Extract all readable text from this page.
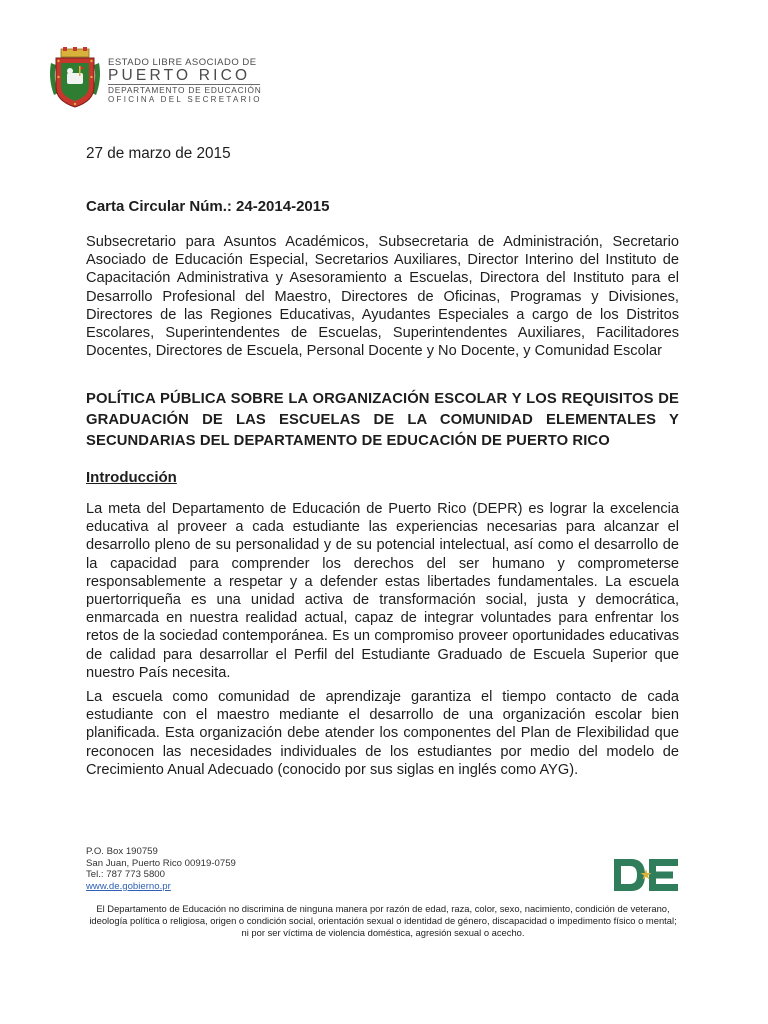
ESTADO LIBRE ASOCIADO DE
PUERTO RICO
DEPARTAMENTO DE EDUCACIÓN
OFICINA DEL SECRETARIO
27 de marzo de 2015
Carta Circular Núm.: 24-2014-2015
Subsecretario para Asuntos Académicos, Subsecretaria de Administración, Secretario Asociado de Educación Especial, Secretarios Auxiliares, Director Interino del Instituto de Capacitación Administrativa y Asesoramiento a Escuelas, Directora del Instituto para el Desarrollo Profesional del Maestro, Directores de Oficinas, Programas y Divisiones, Directores de las Regiones Educativas, Ayudantes Especiales a cargo de los Distritos Escolares, Superintendentes de Escuelas, Superintendentes Auxiliares, Facilitadores Docentes, Directores de Escuela, Personal Docente y No Docente, y Comunidad Escolar
POLÍTICA PÚBLICA SOBRE LA ORGANIZACIÓN ESCOLAR Y LOS REQUISITOS DE GRADUACIÓN DE LAS ESCUELAS DE LA COMUNIDAD ELEMENTALES Y SECUNDARIAS DEL DEPARTAMENTO DE EDUCACIÓN DE PUERTO RICO
Introducción
La meta del Departamento de Educación de Puerto Rico (DEPR) es lograr la excelencia educativa al proveer a cada estudiante las experiencias necesarias para alcanzar el desarrollo pleno de su personalidad y de su potencial intelectual, así como el desarrollo de la capacidad para comprender los derechos del ser humano y comprometerse responsablemente a respetar y a defender estas libertades fundamentales. La escuela puertorriqueña es una unidad activa de transformación social, justa y democrática, enmarcada en nuestra realidad actual, capaz de integrar voluntades para enfrentar los retos de la sociedad contemporánea. Es un compromiso proveer oportunidades educativas de calidad para desarrollar el Perfil del Estudiante Graduado de Escuela Superior que nuestro País necesita.
La escuela como comunidad de aprendizaje garantiza el tiempo contacto de cada estudiante con el maestro mediante el desarrollo de una organización escolar bien planificada. Esta organización debe atender los componentes del Plan de Flexibilidad que reconocen las necesidades individuales de los estudiantes por medio del modelo de Crecimiento Anual Adecuado (conocido por sus siglas en inglés como AYG).
P.O. Box 190759
San Juan, Puerto Rico 00919-0759
Tel.: 787 773 5800
www.de.gobierno.pr
El Departamento de Educación no discrimina de ninguna manera por razón de edad, raza, color, sexo, nacimiento, condición de veterano, ideología política o religiosa, origen o condición social, orientación sexual o identidad de género, discapacidad o impedimento físico o mental; ni por ser víctima de violencia doméstica, agresión sexual o acecho.
